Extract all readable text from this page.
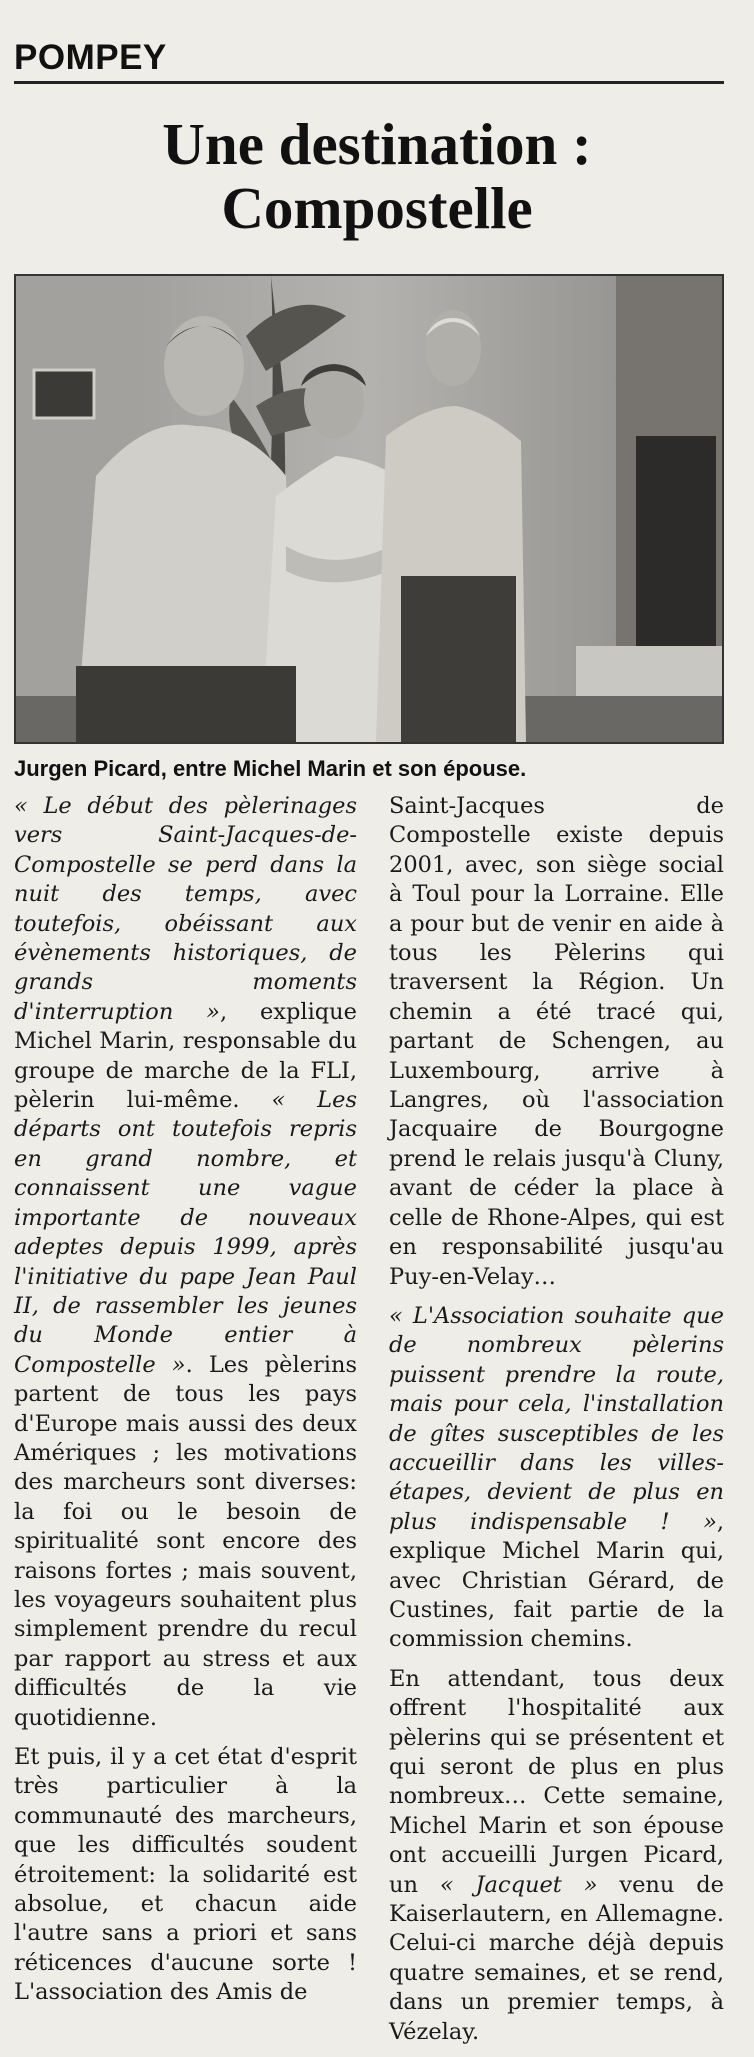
POMPEY
Une destination :
Compostelle
Jurgen Picard, entre Michel Marin et son épouse.

« Le début des pèlerinages vers Saint-Jacques-de-Compostelle se perd dans la nuit des temps, avec toutefois, obéissant aux évènements historiques, de grands moments d'interruption », explique Michel Marin, responsable du groupe de marche de la FLI, pèlerin lui-même. « Les départs ont toutefois repris en grand nombre, et connaissent une vague importante de nouveaux adeptes depuis 1999, après l'initiative du pape Jean Paul II, de rassembler les jeunes du Monde entier à Compostelle ». Les pèlerins partent de tous les pays d'Europe mais aussi des deux Amériques ; les motivations des marcheurs sont diverses: la foi ou le besoin de spiritualité sont encore des raisons fortes ; mais souvent, les voyageurs souhaitent plus simplement prendre du recul par rapport au stress et aux difficultés de la vie quotidienne.

Et puis, il y a cet état d'esprit très particulier à la communauté des marcheurs, que les difficultés soudent étroitement: la solidarité est absolue, et chacun aide l'autre sans a priori et sans réticences d'aucune sorte ! L'association des Amis de

Saint-Jacques de Compostelle existe depuis 2001, avec, son siège social à Toul pour la Lorraine. Elle a pour but de venir en aide à tous les Pèlerins qui traversent la Région. Un chemin a été tracé qui, partant de Schengen, au Luxembourg, arrive à Langres, où l'association Jacquaire de Bourgogne prend le relais jusqu'à Cluny, avant de céder la place à celle de Rhone-Alpes, qui est en responsabilité jusqu'au Puy-en-Velay…

« L'Association souhaite que de nombreux pèlerins puissent prendre la route, mais pour cela, l'installation de gîtes susceptibles de les accueillir dans les villes-étapes, devient de plus en plus indispensable ! », explique Michel Marin qui, avec Christian Gérard, de Custines, fait partie de la commission chemins.

En attendant, tous deux offrent l'hospitalité aux pèlerins qui se présentent et qui seront de plus en plus nombreux… Cette semaine, Michel Marin et son épouse ont accueilli Jurgen Picard, un « Jacquet » venu de Kaiserlautern, en Allemagne. Celui-ci marche déjà depuis quatre semaines, et se rend, dans un premier temps, à Vézelay.
